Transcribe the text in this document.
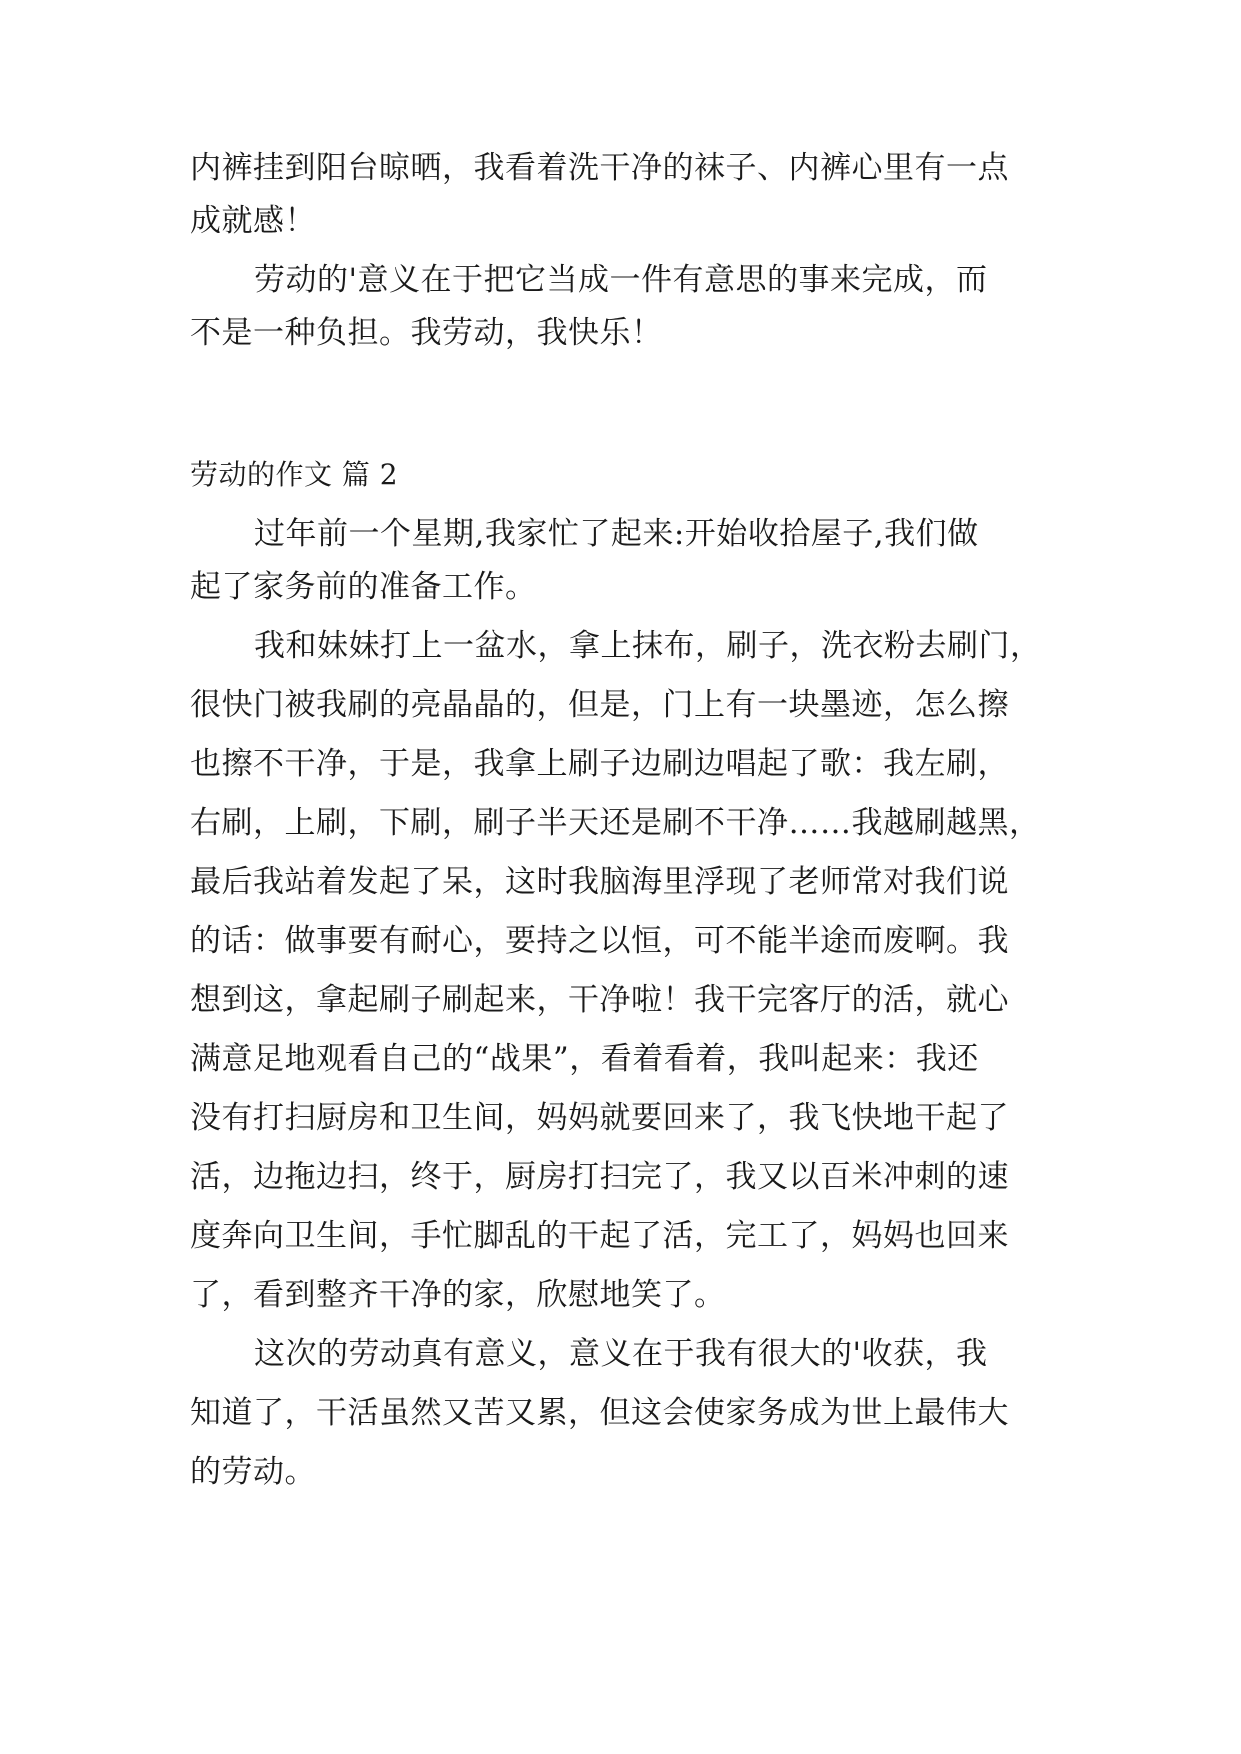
内裤挂到阳台晾晒，我看着洗干净的袜子、内裤心里有一点
成就感！
劳动的'意义在于把它当成一件有意思的事来完成，而
不是一种负担。我劳动，我快乐！
劳动的作文 篇 2
过年前一个星期,我家忙了起来:开始收拾屋子,我们做
起了家务前的准备工作。
我和妹妹打上一盆水，拿上抹布，刷子，洗衣粉去刷门，
很快门被我刷的亮晶晶的，但是，门上有一块墨迹，怎么擦
也擦不干净，于是，我拿上刷子边刷边唱起了歌：我左刷，
右刷，上刷，下刷，刷子半天还是刷不干净……我越刷越黑，
最后我站着发起了呆，这时我脑海里浮现了老师常对我们说
的话：做事要有耐心，要持之以恒，可不能半途而废啊。我
想到这，拿起刷子刷起来，干净啦！我干完客厅的活，就心
满意足地观看自己的“战果”，看着看着，我叫起来：我还
没有打扫厨房和卫生间，妈妈就要回来了，我飞快地干起了
活，边拖边扫，终于，厨房打扫完了，我又以百米冲刺的速
度奔向卫生间，手忙脚乱的干起了活，完工了，妈妈也回来
了，看到整齐干净的家，欣慰地笑了。
这次的劳动真有意义，意义在于我有很大的'收获，我
知道了，干活虽然又苦又累，但这会使家务成为世上最伟大
的劳动。
